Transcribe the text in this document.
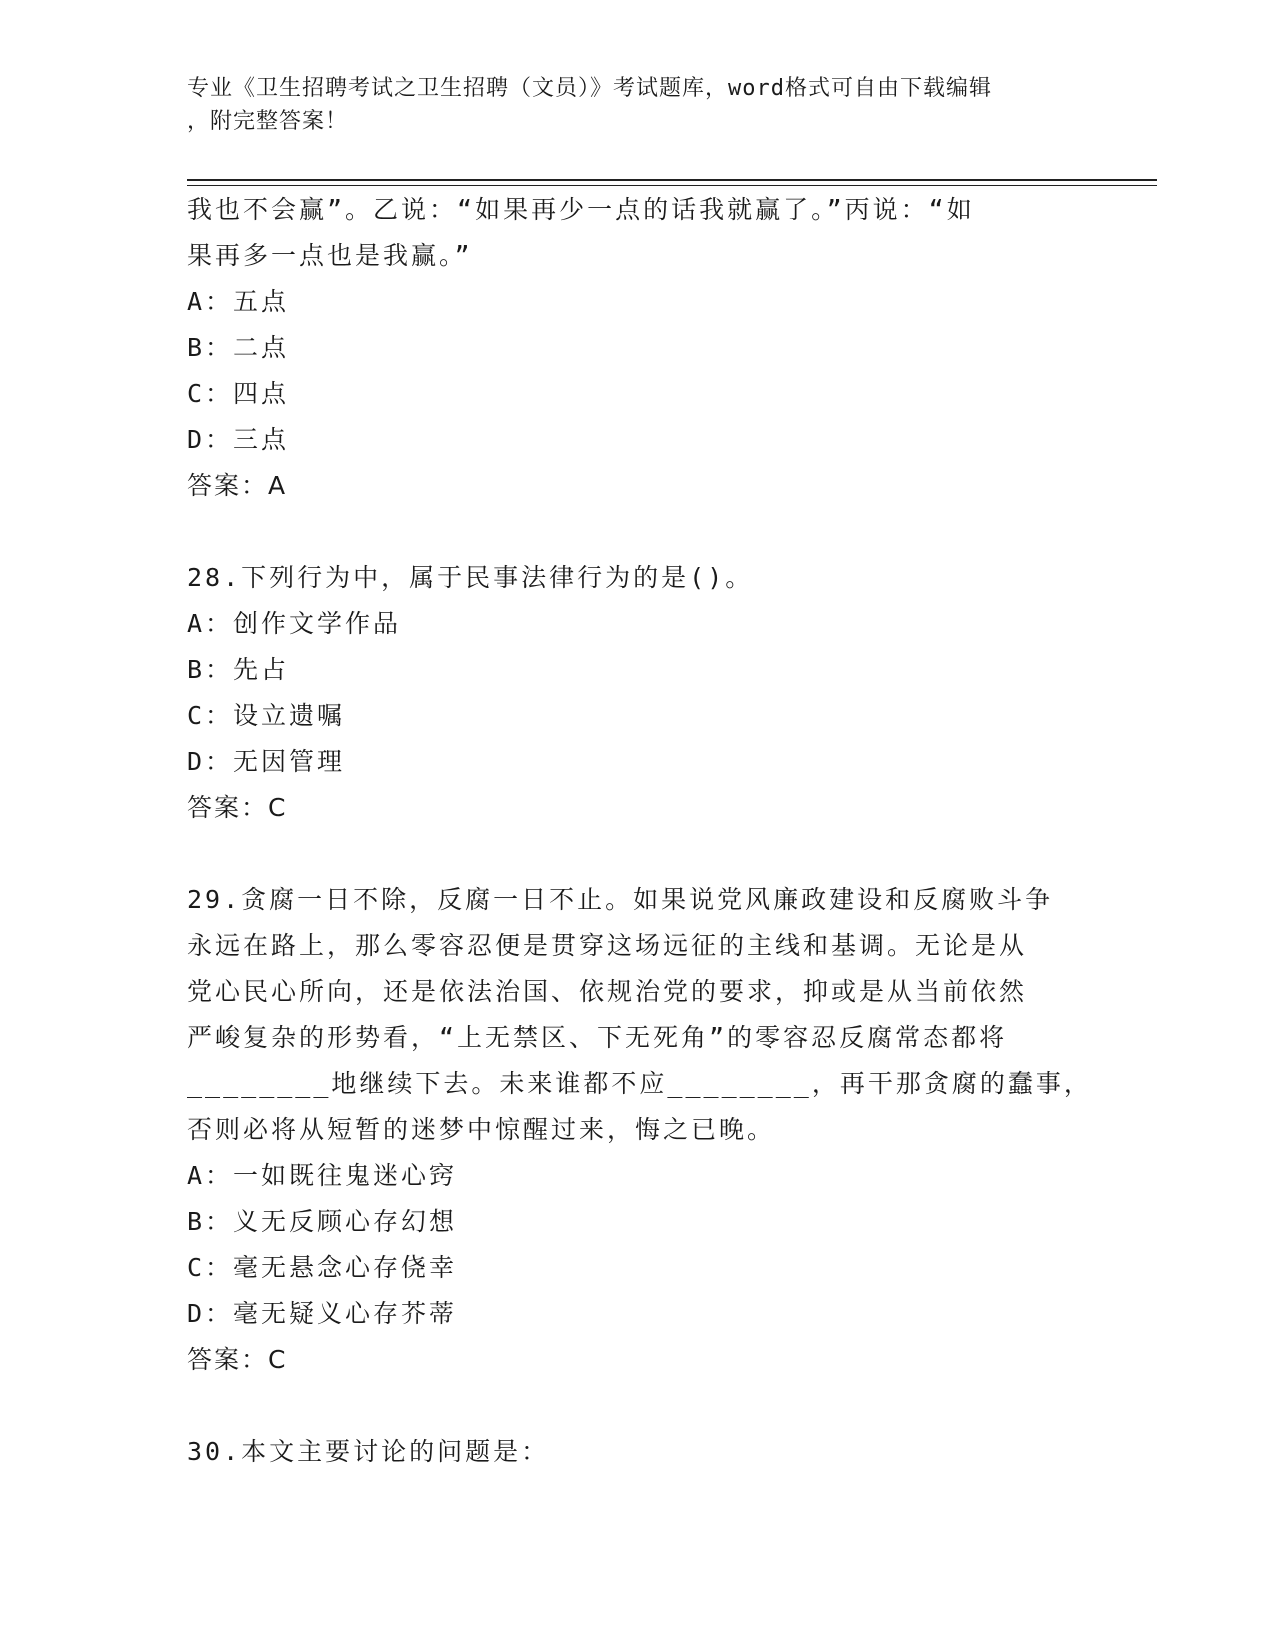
专业《卫生招聘考试之卫生招聘（文员）》考试题库，word格式可自由下载编辑
，附完整答案！
我也不会赢”。乙说：“如果再少一点的话我就赢了。”丙说：“如
果再多一点也是我赢。”
A：五点
B：二点
C：四点
D：三点
答案：A
28.下列行为中，属于民事法律行为的是()。
A：创作文学作品
B：先占
C：设立遗嘱
D：无因管理
答案：C
29.贪腐一日不除，反腐一日不止。如果说党风廉政建设和反腐败斗争
永远在路上，那么零容忍便是贯穿这场远征的主线和基调。无论是从
党心民心所向，还是依法治国、依规治党的要求，抑或是从当前依然
严峻复杂的形势看，“上无禁区、下无死角”的零容忍反腐常态都将
________地继续下去。未来谁都不应________，再干那贪腐的蠢事，
否则必将从短暂的迷梦中惊醒过来，悔之已晚。
A：一如既往鬼迷心窍
B：义无反顾心存幻想
C：毫无悬念心存侥幸
D：毫无疑义心存芥蒂
答案：C
30.本文主要讨论的问题是：
